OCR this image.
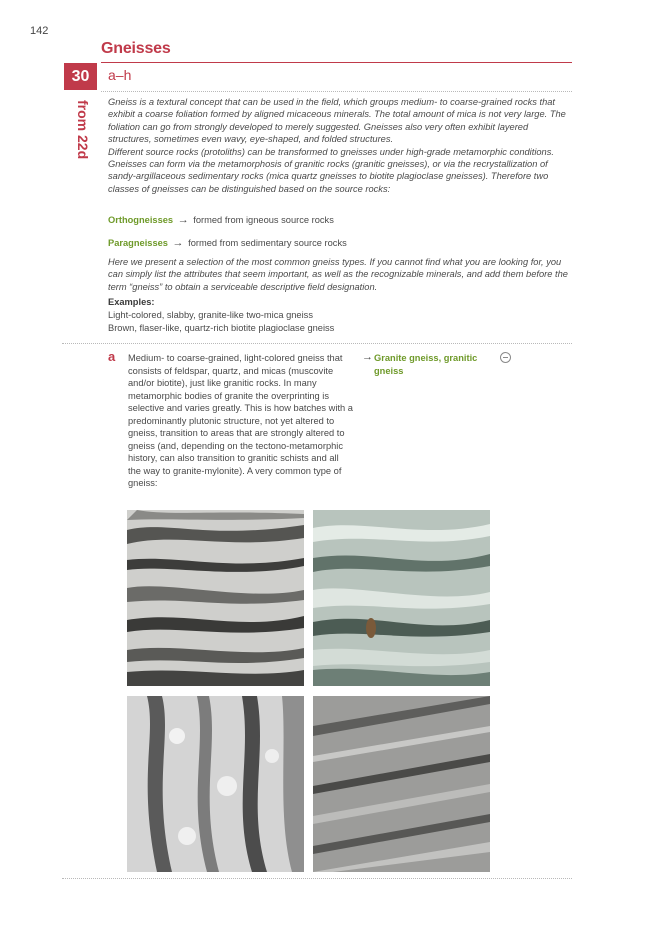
142
Gneisses
30	a–h
from 22d Gneiss is a textural concept that can be used in the field, which groups medium- to coarse-grained rocks that exhibit a coarse foliation formed by aligned micaceous minerals. The total amount of mica is not very large. The foliation can go from strongly developed to merely suggested. Gneisses also very often exhibit layered structures, sometimes even wavy, eye-shaped, and folded structures.

Different source rocks (protoliths) can be transformed to gneisses under high-grade metamorphic conditions. Gneisses can form via the metamorphosis of granitic rocks (granitic gneisses), or via the recrystallization of sandy-argillaceous sedimentary rocks (mica quartz gneisses to biotite plagioclase gneisses). Therefore two classes of gneisses can be distinguished based on the source rocks:

Orthogneisses → formed from igneous source rocks
Paragneisses → formed from sedimentary source rocks
Here we present a selection of the most common gneiss types. If you cannot find what you are looking for, you can simply list the attributes that seem important, as well as the recognizable minerals, and add them before the term “gneiss” to obtain a serviceable descriptive field designation.
Examples:
Light-colored, slabby, granite-like two-mica gneiss
Brown, flaser-like, quartz-rich biotite plagioclase gneiss
a Medium- to coarse-grained, light-colored gneiss that consists of feldspar, quartz, and micas (muscovite and/or biotite), just like granitic rocks. In many metamorphic bodies of granite the overprinting is selective and varies greatly. This is how batches with a predominantly plutonic structure, not yet altered to gneiss, transition to areas that are strongly altered to gneiss (and, depending on the tectono-metamorphic history, can also transition to granitic schists and all the way to granite-mylonite). A very common type of gneiss:
→ Granite gneiss, granitic gneiss
